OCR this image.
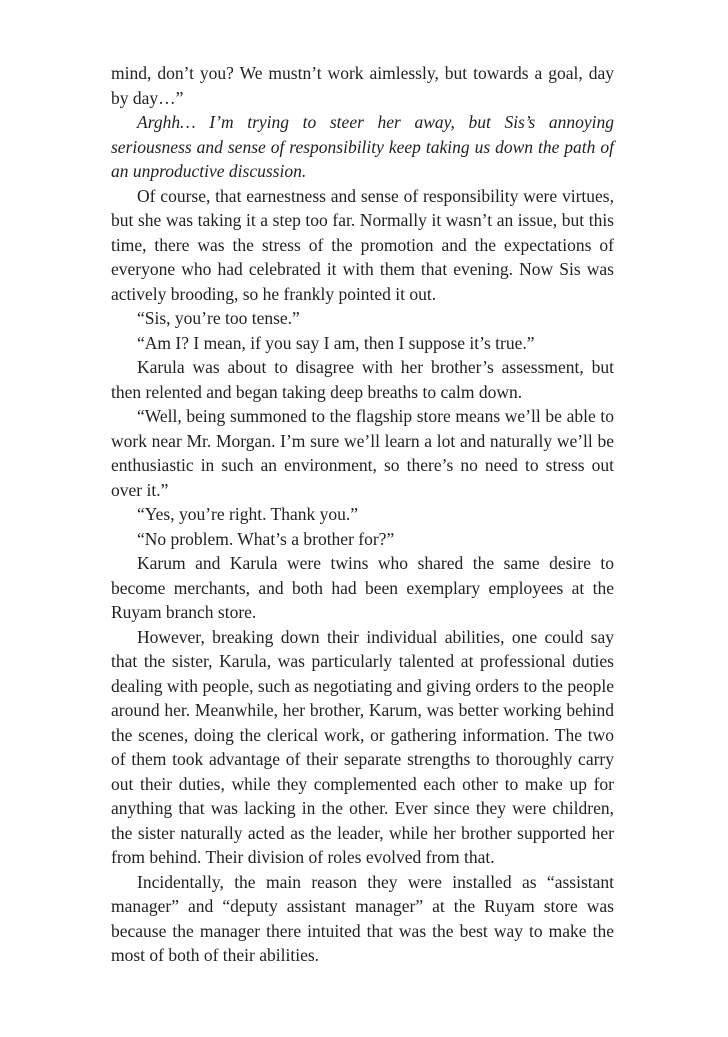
mind, don’t you? We mustn’t work aimlessly, but towards a goal, day by day…”

Arghh… I’m trying to steer her away, but Sis’s annoying seriousness and sense of responsibility keep taking us down the path of an unproductive discussion.

Of course, that earnestness and sense of responsibility were virtues, but she was taking it a step too far. Normally it wasn’t an issue, but this time, there was the stress of the promotion and the expectations of everyone who had celebrated it with them that evening. Now Sis was actively brooding, so he frankly pointed it out.

“Sis, you’re too tense.”

“Am I? I mean, if you say I am, then I suppose it’s true.”

Karula was about to disagree with her brother’s assessment, but then relented and began taking deep breaths to calm down.

“Well, being summoned to the flagship store means we’ll be able to work near Mr. Morgan. I’m sure we’ll learn a lot and naturally we’ll be enthusiastic in such an environment, so there’s no need to stress out over it.”

“Yes, you’re right. Thank you.”

“No problem. What’s a brother for?”

Karum and Karula were twins who shared the same desire to become merchants, and both had been exemplary employees at the Ruyam branch store.

However, breaking down their individual abilities, one could say that the sister, Karula, was particularly talented at professional duties dealing with people, such as negotiating and giving orders to the people around her. Meanwhile, her brother, Karum, was better working behind the scenes, doing the clerical work, or gathering information. The two of them took advantage of their separate strengths to thoroughly carry out their duties, while they complemented each other to make up for anything that was lacking in the other. Ever since they were children, the sister naturally acted as the leader, while her brother supported her from behind. Their division of roles evolved from that.

Incidentally, the main reason they were installed as “assistant manager” and “deputy assistant manager” at the Ruyam store was because the manager there intuited that was the best way to make the most of both of their abilities.
